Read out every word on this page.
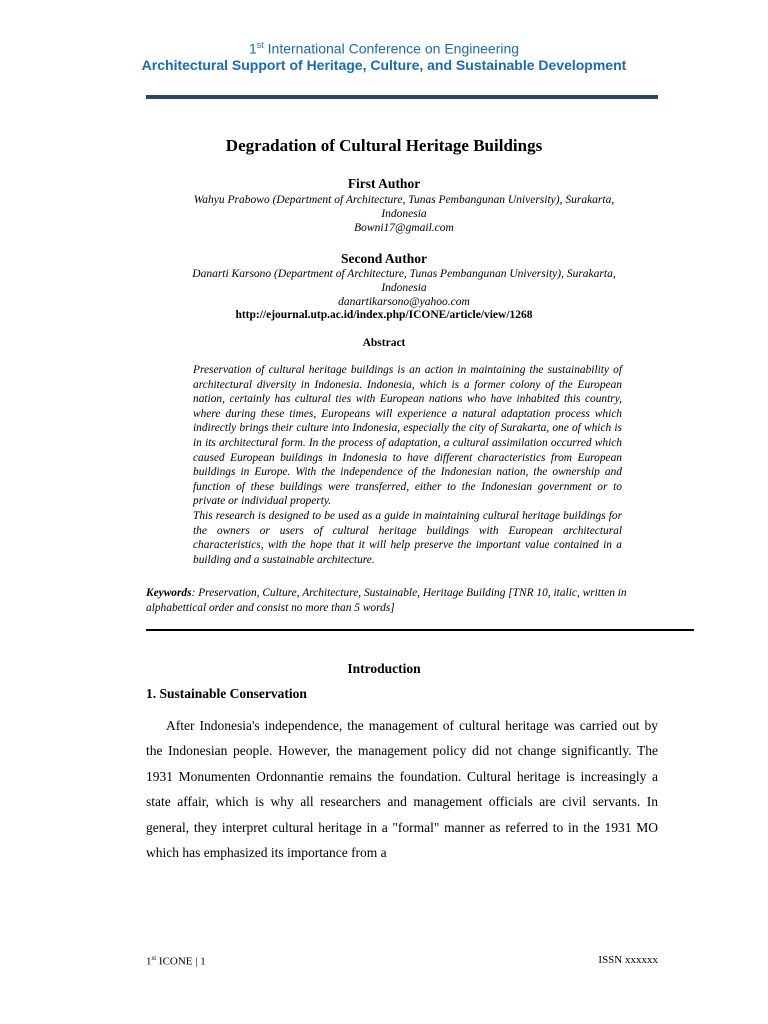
1st International Conference on Engineering
Architectural Support of Heritage, Culture, and Sustainable Development
Degradation of Cultural Heritage Buildings
First Author
Wahyu Prabowo (Department of Architecture, Tunas Pembangunan University), Surakarta,
Indonesia
Bowni17@gmail.com
Second Author
Danarti Karsono (Department of Architecture, Tunas Pembangunan University), Surakarta,
Indonesia
danartikarsono@yahoo.com
http://ejournal.utp.ac.id/index.php/ICONE/article/view/1268
Abstract

Preservation of cultural heritage buildings is an action in maintaining the sustainability of architectural diversity in Indonesia. Indonesia, which is a former colony of the European nation, certainly has cultural ties with European nations who have inhabited this country, where during these times, Europeans will experience a natural adaptation process which indirectly brings their culture into Indonesia, especially the city of Surakarta, one of which is in its architectural form. In the process of adaptation, a cultural assimilation occurred which caused European buildings in Indonesia to have different characteristics from European buildings in Europe. With the independence of the Indonesian nation, the ownership and function of these buildings were transferred, either to the Indonesian government or to private or individual property.

This research is designed to be used as a guide in maintaining cultural heritage buildings for the owners or users of cultural heritage buildings with European architectural characteristics, with the hope that it will help preserve the important value contained in a building and a sustainable architecture.

Keywords: Preservation, Culture, Architecture, Sustainable, Heritage Building [TNR 10, italic, written in alphabettical order and consist no more than 5 words]
Introduction
1. Sustainable Conservation

After Indonesia's independence, the management of cultural heritage was carried out by the Indonesian people. However, the management policy did not change significantly. The 1931 Monumenten Ordonnantie remains the foundation. Cultural heritage is increasingly a state affair, which is why all researchers and management officials are civil servants. In general, they interpret cultural heritage in a "formal" manner as referred to in the 1931 MO which has emphasized its importance from a

1st ICONE | 1	ISSN xxxxxx
